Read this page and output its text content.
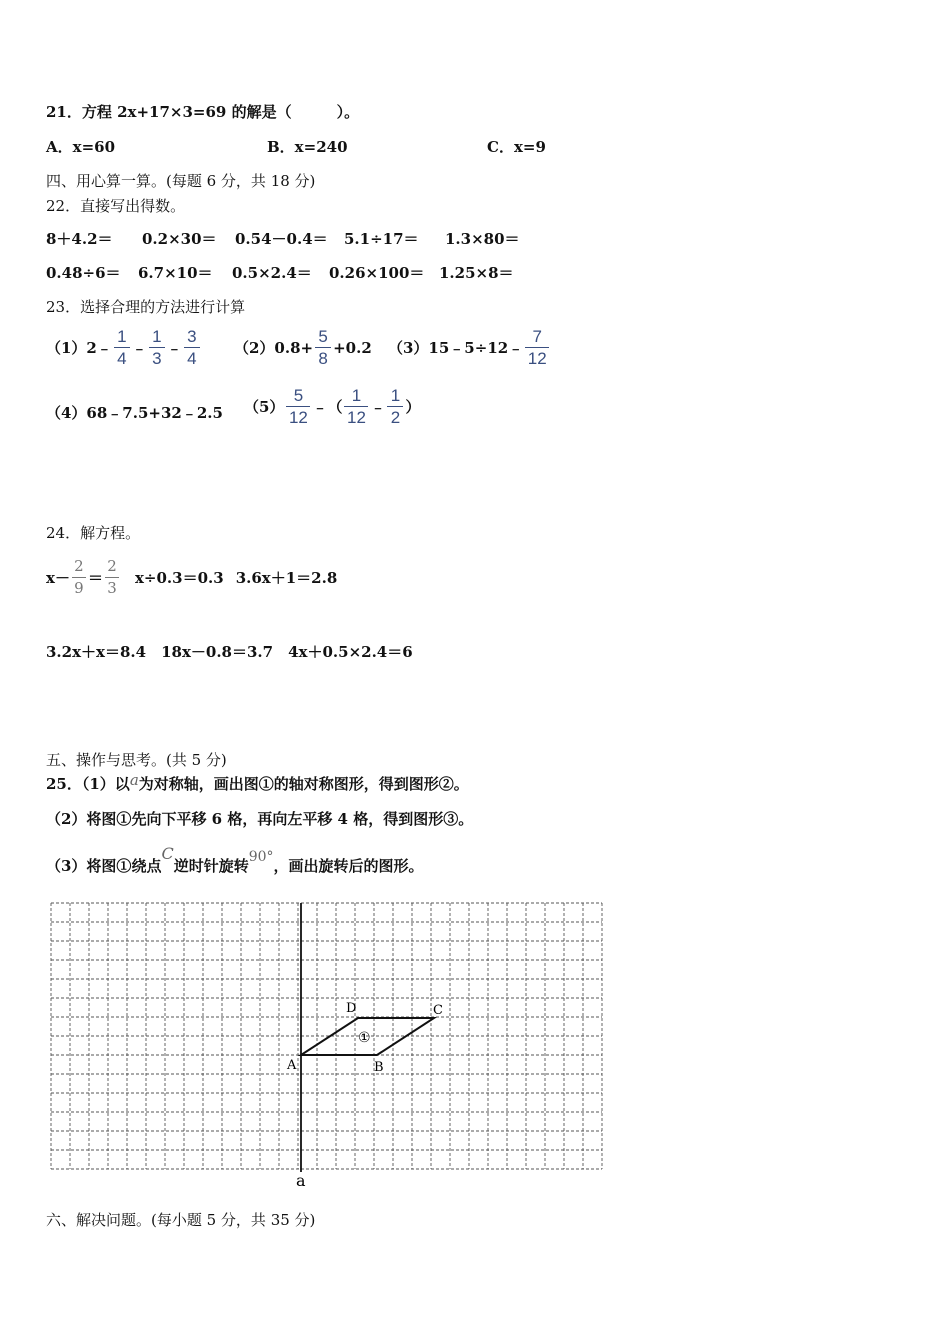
21．方程 2x+17×3=69 的解是（　　　）。
A．x=60	B．x=240	C．x=9
四、用心算一算。(每题 6 分，共 18 分)
22．直接写出得数。
8＋4.2＝ 0.2×30＝ 0.54－0.4＝ 5.1÷17＝ 1.3×80＝
0.48÷6＝ 6.7×10＝ 0.5×2.4＝ 0.26×100＝ 1.25×8＝
23．选择合理的方法进行计算
（1）2﹣ $\frac{1}{4}$ ﹣ $\frac{1}{3}$ ﹣ $\frac{3}{4} (2)0.8+ \frac{5}{8} +0.2$ （3）15﹣5÷12﹣ $\frac{7}{12}$
（4）68﹣7.5+32﹣2.5 $(5) \frac{5}{12}$ ﹣（ $\frac{1}{12}$ ﹣ $\frac{1}{2}$ ）
24．解方程。
$x- \frac{2}{9} = \frac{2}{3} x\div 0.3=0.3$ 3.6x＋1＝2.8
3.2x＋x＝8.4　18x－0.8＝3.7　4x＋0.5×2.4＝6
五、操作与思考。(共 5 分)
25．（1）以a为对称轴，画出图①的轴对称图形，得到图形②。
（2）将图①先向下平移 6 格，再向左平移 4 格，得到图形③。
（3）将图①绕点C逆时针旋转90°，画出旋转后的图形。
a
A	B
C
D
①
六、解决问题。(每小题 5 分，共 35 分)
